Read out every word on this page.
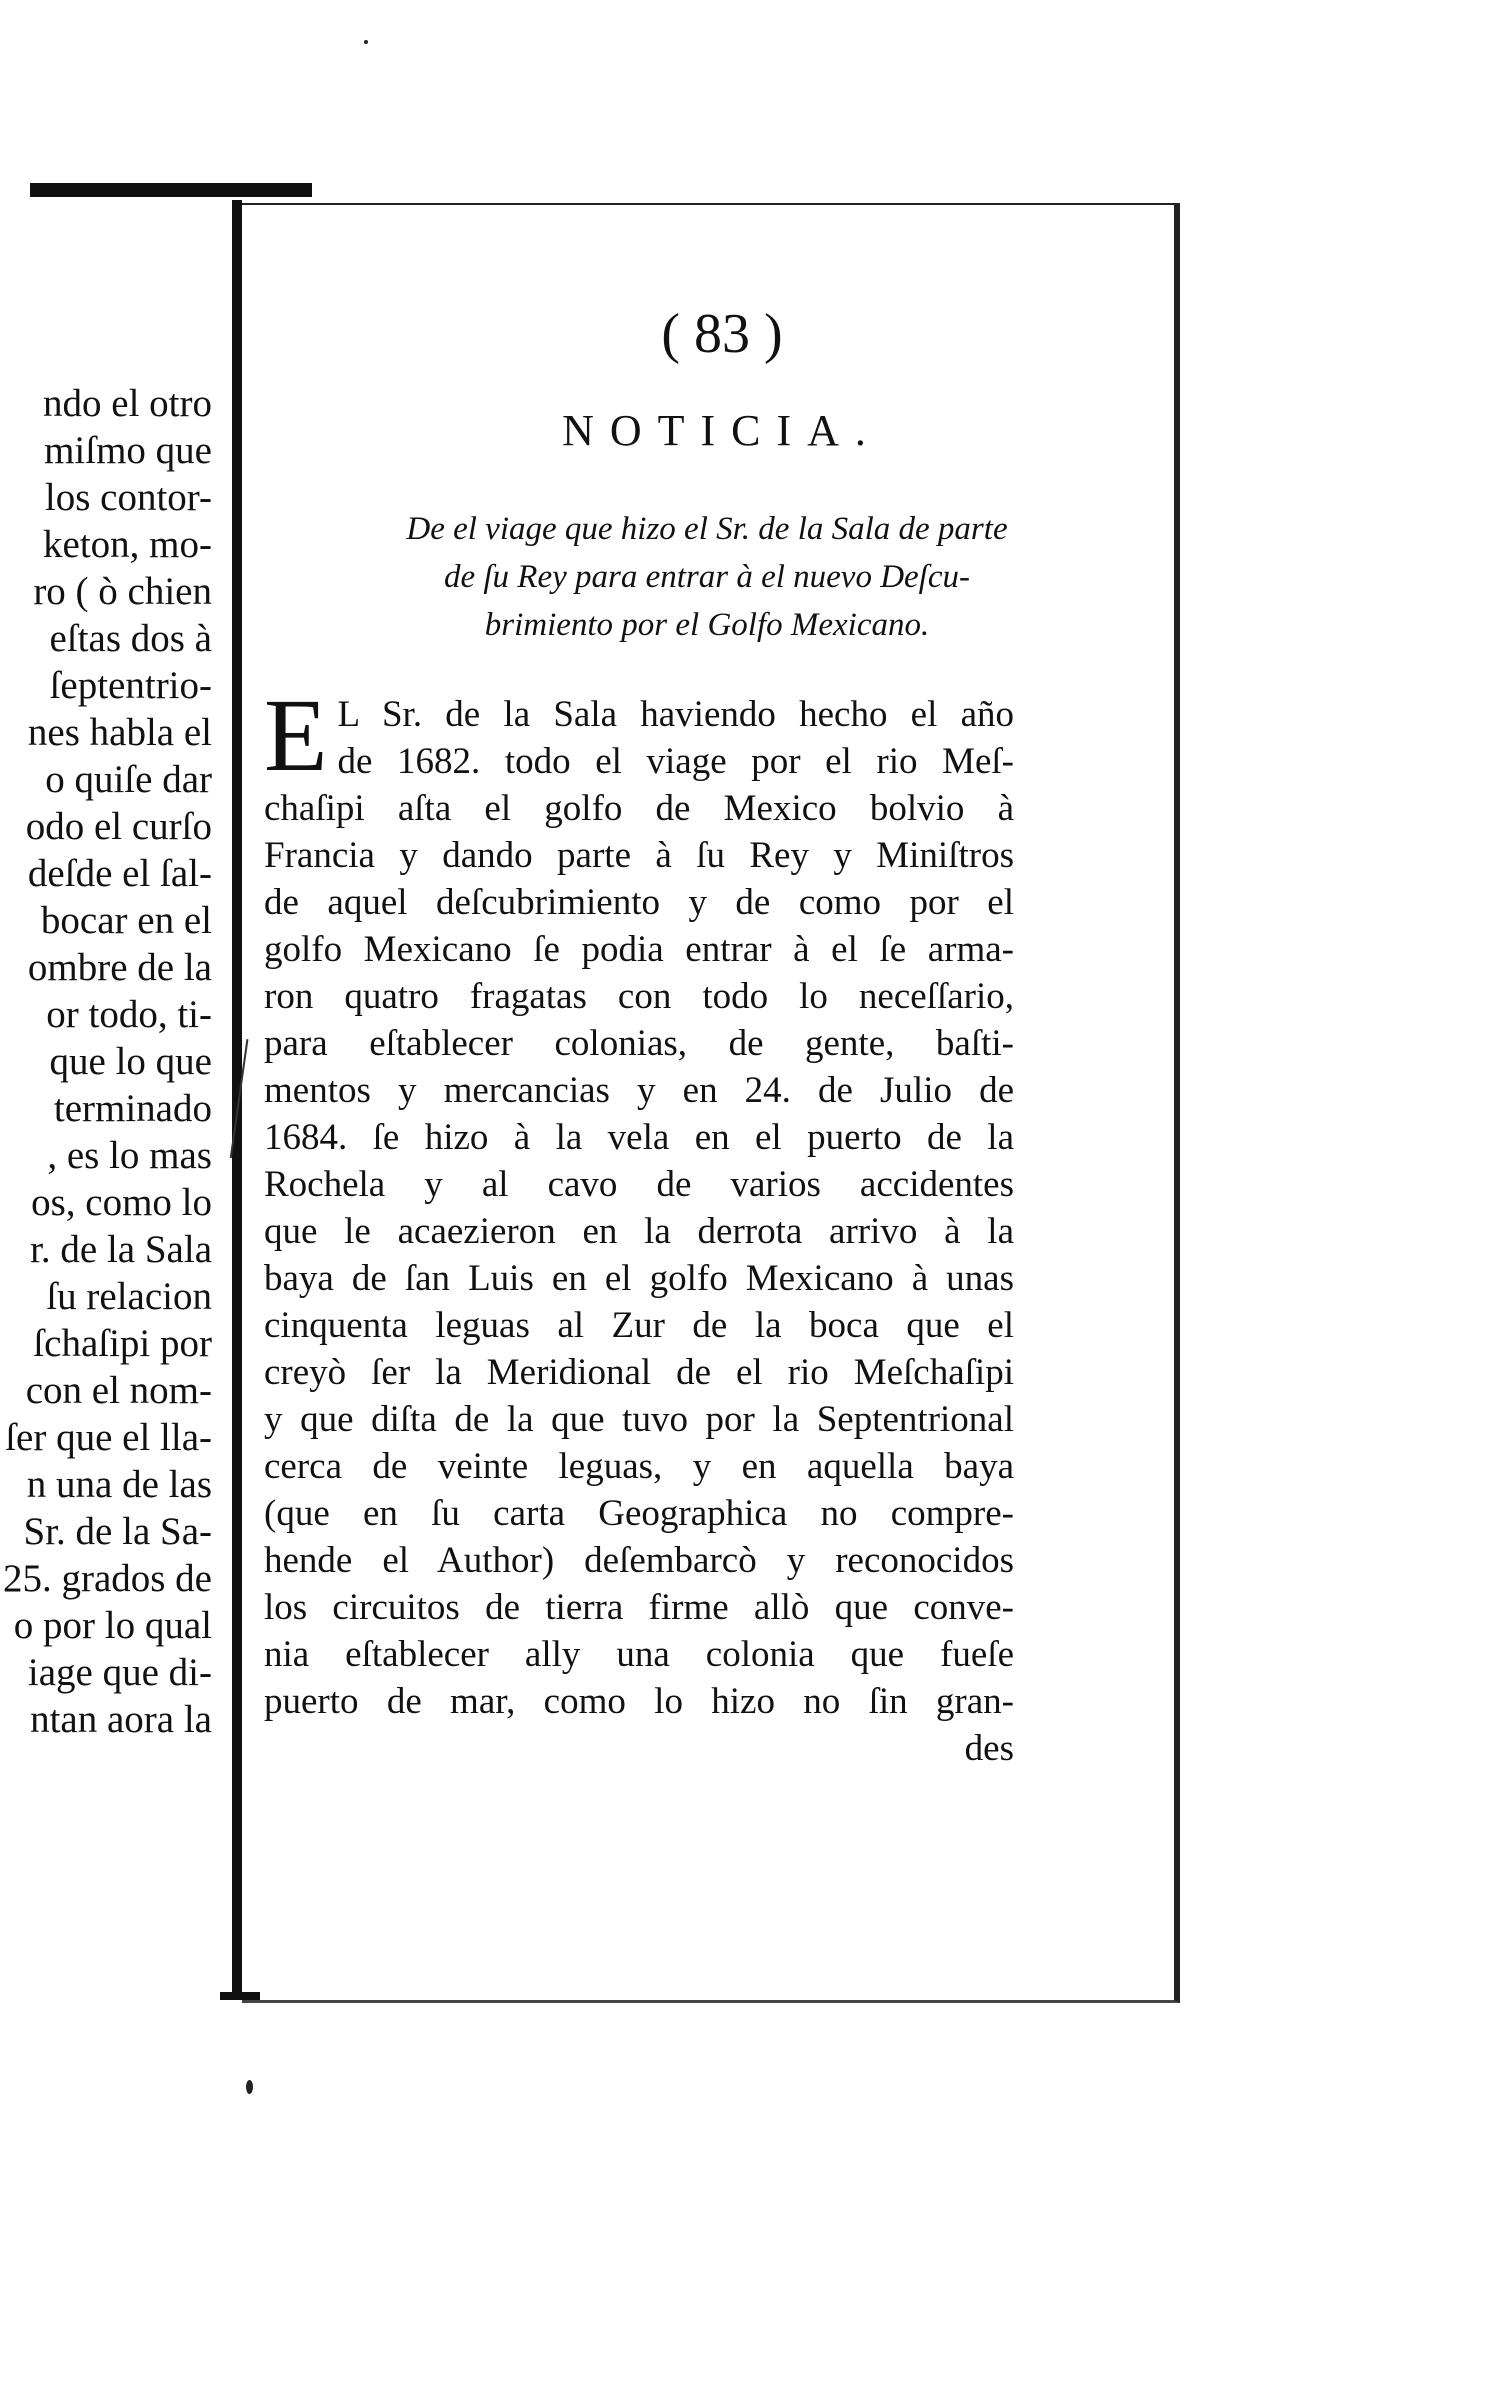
ndo el otro
miſmo que
los contor-
keton, mo-
ro ( ò chien
eſtas dos à
ſeptentrio-
nes habla el
o quiſe dar
odo el curſo
deſde el ſal-
bocar en el
ombre de la
or todo, ti-
que lo que
terminado
, es lo mas
os, como lo
r. de la Sala
ſu relacion
ſchaſipi por
con el nom-
ſer que el lla-
n una de las
Sr. de la Sa-
25. grados de
o por lo qual
iage que di-
ntan aora la
( 83 )
NOTICIA.
De el viage que hizo el Sr. de la Sala de parte
de ſu Rey para entrar à el nuevo Deſcu-
brimiento por el Golfo Mexicano.
E L Sr. de la Sala haviendo hecho el año
de 1682. todo el viage por el rio Meſ-
chaſipi aſta el golfo de Mexico bolvio à
Francia y dando parte à ſu Rey y Miniſtros
de aquel deſcubrimiento y de como por el
golfo Mexicano ſe podia entrar à el ſe arma-
ron quatro fragatas con todo lo neceſſario,
para eſtablecer colonias, de gente, baſti-
mentos y mercancias y en 24. de Julio de
1684. ſe hizo à la vela en el puerto de la
Rochela y al cavo de varios accidentes
que le acaezieron en la derrota arrivo à la
baya de ſan Luis en el golfo Mexicano à unas
cinquenta leguas al Zur de la boca que el
creyò ſer la Meridional de el rio Meſchaſipi
y que diſta de la que tuvo por la Septentrional
cerca de veinte leguas, y en aquella baya
(que en ſu carta Geographica no compre-
hende el Author) deſembarcò y reconocidos
los circuitos de tierra firme allò que conve-
nia eſtablecer ally una colonia que fueſe
puerto de mar, como lo hizo no ſin gran-
des
